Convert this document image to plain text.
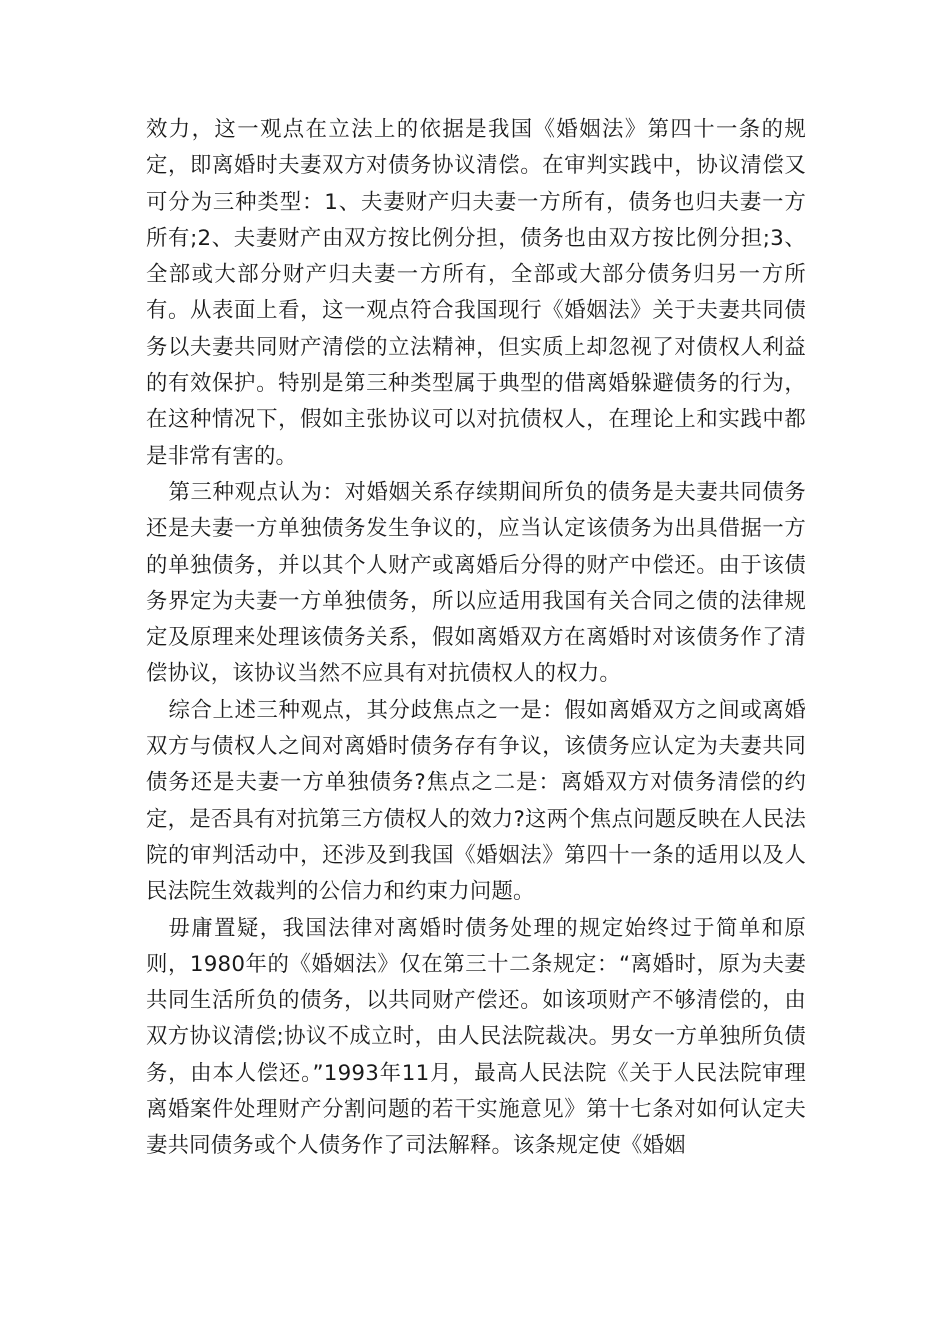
效力，这一观点在立法上的依据是我国《婚姻法》第四十一条的规定，即离婚时夫妻双方对债务协议清偿。在审判实践中，协议清偿又可分为三种类型：1、夫妻财产归夫妻一方所有，债务也归夫妻一方所有;2、夫妻财产由双方按比例分担，债务也由双方按比例分担;3、全部或大部分财产归夫妻一方所有，全部或大部分债务归另一方所有。从表面上看，这一观点符合我国现行《婚姻法》关于夫妻共同债务以夫妻共同财产清偿的立法精神，但实质上却忽视了对债权人利益的有效保护。特别是第三种类型属于典型的借离婚躲避债务的行为，在这种情况下，假如主张协议可以对抗债权人，在理论上和实践中都是非常有害的。

第三种观点认为：对婚姻关系存续期间所负的债务是夫妻共同债务还是夫妻一方单独债务发生争议的，应当认定该债务为出具借据一方的单独债务，并以其个人财产或离婚后分得的财产中偿还。由于该债务界定为夫妻一方单独债务，所以应适用我国有关合同之债的法律规定及原理来处理该债务关系，假如离婚双方在离婚时对该债务作了清偿协议，该协议当然不应具有对抗债权人的权力。

综合上述三种观点，其分歧焦点之一是：假如离婚双方之间或离婚双方与债权人之间对离婚时债务存有争议，该债务应认定为夫妻共同债务还是夫妻一方单独债务?焦点之二是：离婚双方对债务清偿的约定，是否具有对抗第三方债权人的效力?这两个焦点问题反映在人民法院的审判活动中，还涉及到我国《婚姻法》第四十一条的适用以及人民法院生效裁判的公信力和约束力问题。

毋庸置疑，我国法律对离婚时债务处理的规定始终过于简单和原则，1980年的《婚姻法》仅在第三十二条规定：“离婚时，原为夫妻共同生活所负的债务，以共同财产偿还。如该项财产不够清偿的，由双方协议清偿;协议不成立时，由人民法院裁决。男女一方单独所负债务，由本人偿还。”1993年11月，最高人民法院《关于人民法院审理离婚案件处理财产分割问题的若干实施意见》第十七条对如何认定夫妻共同债务或个人债务作了司法解释。该条规定使《婚姻
